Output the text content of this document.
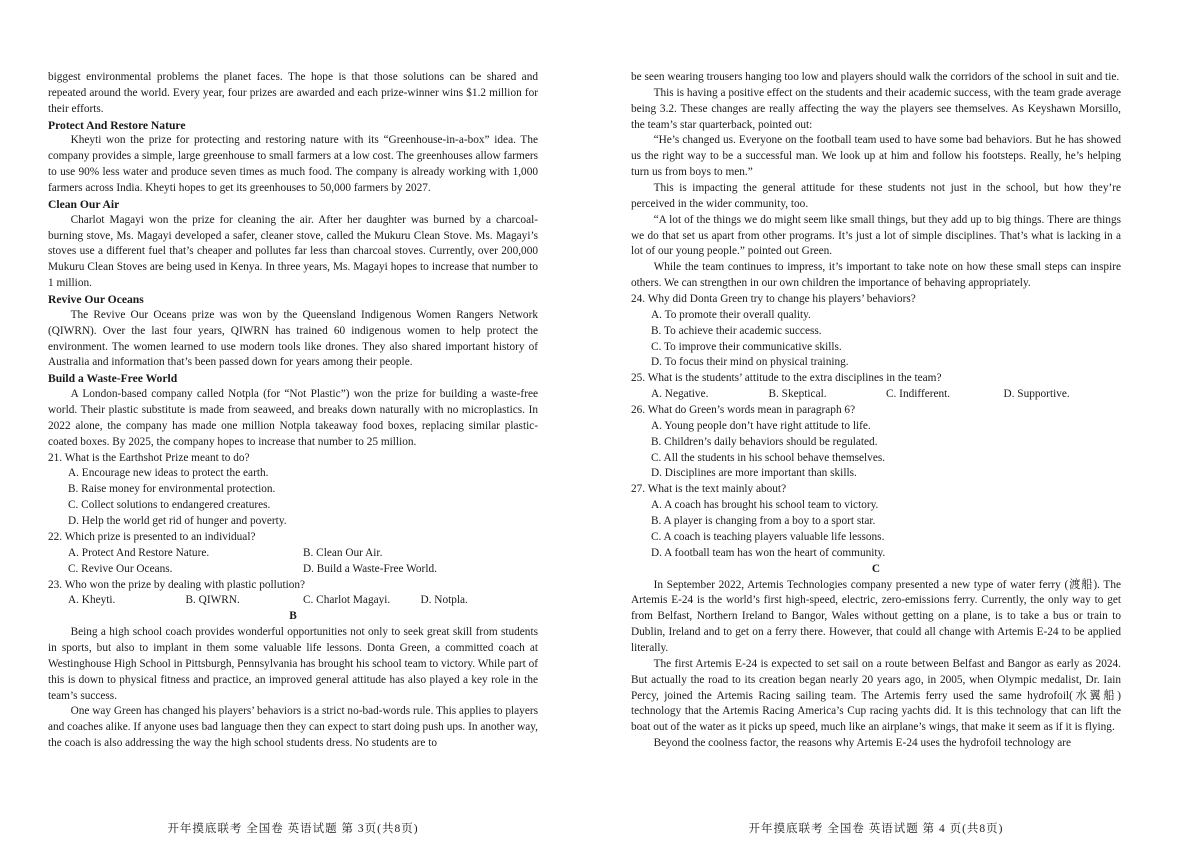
biggest environmental problems the planet faces. The hope is that those solutions can be shared and repeated around the world. Every year, four prizes are awarded and each prize-winner wins $1.2 million for their efforts.

Protect And Restore Nature

Kheyti won the prize for protecting and restoring nature with its “Greenhouse-in-a-box” idea. The company provides a simple, large greenhouse to small farmers at a low cost. The greenhouses allow farmers to use 90% less water and produce seven times as much food. The company is already working with 1,000 farmers across India. Kheyti hopes to get its greenhouses to 50,000 farmers by 2027.

Clean Our Air

Charlot Magayi won the prize for cleaning the air. After her daughter was burned by a charcoal-burning stove, Ms. Magayi developed a safer, cleaner stove, called the Mukuru Clean Stove. Ms. Magayi’s stoves use a different fuel that’s cheaper and pollutes far less than charcoal stoves. Currently, over 200,000 Mukuru Clean Stoves are being used in Kenya. In three years, Ms. Magayi hopes to increase that number to 1 million.

Revive Our Oceans

The Revive Our Oceans prize was won by the Queensland Indigenous Women Rangers Network (QIWRN). Over the last four years, QIWRN has trained 60 indigenous women to help protect the environment. The women learned to use modern tools like drones. They also shared important history of Australia and information that’s been passed down for years among their people.

Build a Waste-Free World

A London-based company called Notpla (for “Not Plastic”) won the prize for building a waste-free world. Their plastic substitute is made from seaweed, and breaks down naturally with no microplastics. In 2022 alone, the company has made one million Notpla takeaway food boxes, replacing similar plastic-coated boxes. By 2025, the company hopes to increase that number to 25 million.

21. What is the Earthshot Prize meant to do?

A. Encourage new ideas to protect the earth.

B. Raise money for environmental protection.

C. Collect solutions to endangered creatures.

D. Help the world get rid of hunger and poverty.

22. Which prize is presented to an individual?

A. Protect And Restore Nature.	B. Clean Our Air.
C. Revive Our Oceans.	D. Build a Waste-Free World.

23. Who won the prize by dealing with plastic pollution?

A. Kheyti.	B. QIWRN.	C. Charlot Magayi.	D. Notpla.

B

Being a high school coach provides wonderful opportunities not only to seek great skill from students in sports, but also to implant in them some valuable life lessons. Donta Green, a committed coach at Westinghouse High School in Pittsburgh, Pennsylvania has brought his school team to victory. While part of this is down to physical fitness and practice, an improved general attitude has also played a key role in the team’s success.

One way Green has changed his players’ behaviors is a strict no-bad-words rule. This applies to players and coaches alike. If anyone uses bad language then they can expect to start doing push ups. In another way, the coach is also addressing the way the high school students dress. No students are to

be seen wearing trousers hanging too low and players should walk the corridors of the school in suit and tie.

This is having a positive effect on the students and their academic success, with the team grade average being 3.2. These changes are really affecting the way the players see themselves. As Keyshawn Morsillo, the team’s star quarterback, pointed out:

“He’s changed us. Everyone on the football team used to have some bad behaviors. But he has showed us the right way to be a successful man. We look up at him and follow his footsteps. Really, he’s helping turn us from boys to men.”

This is impacting the general attitude for these students not just in the school, but how they’re perceived in the wider community, too.

“A lot of the things we do might seem like small things, but they add up to big things. There are things we do that set us apart from other programs. It’s just a lot of simple disciplines. That’s what is lacking in a lot of our young people.” pointed out Green.

While the team continues to impress, it’s important to take note on how these small steps can inspire others. We can strengthen in our own children the importance of behaving appropriately.

24. Why did Donta Green try to change his players’ behaviors?

A. To promote their overall quality.

B. To achieve their academic success.

C. To improve their communicative skills.

D. To focus their mind on physical training.

25. What is the students’ attitude to the extra disciplines in the team?

A. Negative.	B. Skeptical.	C. Indifferent.	D. Supportive.

26. What do Green’s words mean in paragraph 6?

A. Young people don’t have right attitude to life.

B. Children’s daily behaviors should be regulated.

C. All the students in his school behave themselves.

D. Disciplines are more important than skills.

27. What is the text mainly about?

A. A coach has brought his school team to victory.

B. A player is changing from a boy to a sport star.

C. A coach is teaching players valuable life lessons.

D. A football team has won the heart of community.

C

In September 2022, Artemis Technologies company presented a new type of water ferry (渡船). The Artemis E-24 is the world’s first high-speed, electric, zero-emissions ferry. Currently, the only way to get from Belfast, Northern Ireland to Bangor, Wales without getting on a plane, is to take a bus or train to Dublin, Ireland and to get on a ferry there. However, that could all change with Artemis E-24 to be applied literally.

The first Artemis E-24 is expected to set sail on a route between Belfast and Bangor as early as 2024. But actually the road to its creation began nearly 20 years ago, in 2005, when Olympic medalist, Dr. Iain Percy, joined the Artemis Racing sailing team. The Artemis ferry used the same hydrofoil(水翼船) technology that the Artemis Racing America’s Cup racing yachts did. It is this technology that can lift the boat out of the water as it picks up speed, much like an airplane’s wings, that make it seem as if it is flying.

Beyond the coolness factor, the reasons why Artemis E-24 uses the hydrofoil technology are

开年摸底联考 全国卷 英语试题 第 3页(共8页)	开年摸底联考 全国卷 英语试题 第 4 页(共8页)
